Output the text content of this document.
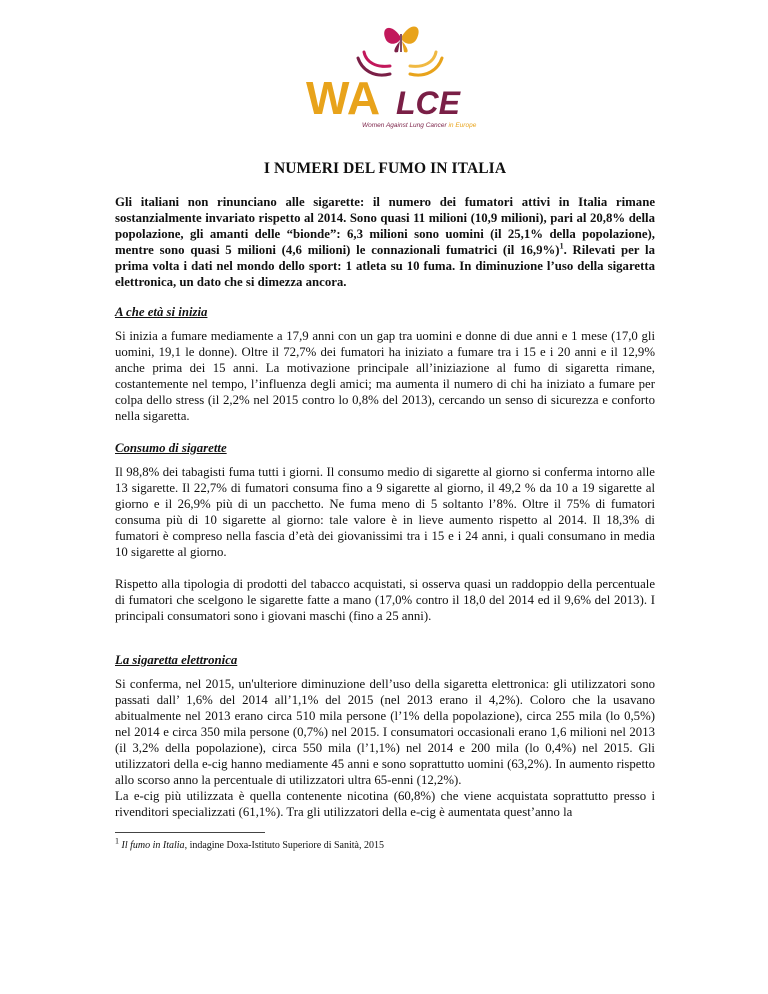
WA LCE
Women Against Lung Cancer in Europe
I NUMERI DEL FUMO IN ITALIA

Gli italiani non rinunciano alle sigarette: il numero dei fumatori attivi in Italia rimane sostanzialmente invariato rispetto al 2014. Sono quasi 11 milioni (10,9 milioni), pari al 20,8% della popolazione, gli amanti delle “bionde”: 6,3 milioni sono uomini (il 25,1% della popolazione), mentre sono quasi 5 milioni (4,6 milioni) le connazionali fumatrici (il 16,9%)$^1$. Rilevati per la prima volta i dati nel mondo dello sport: 1 atleta su 10 fuma. In diminuzione l’uso della sigaretta elettronica, un dato che si dimezza ancora.

A che età si inizia

Si inizia a fumare mediamente a 17,9 anni con un gap tra uomini e donne di due anni e 1 mese (17,0 gli uomini, 19,1 le donne). Oltre il 72,7% dei fumatori ha iniziato a fumare tra i 15 e i 20 anni e il 12,9% anche prima dei 15 anni. La motivazione principale all’iniziazione al fumo di sigaretta rimane, costantemente nel tempo, l’influenza degli amici; ma aumenta il numero di chi ha iniziato a fumare per colpa dello stress (il 2,2% nel 2015 contro lo 0,8% del 2013), cercando un senso di sicurezza e conforto nella sigaretta.

Consumo di sigarette

Il 98,8% dei tabagisti fuma tutti i giorni. Il consumo medio di sigarette al giorno si conferma intorno alle 13 sigarette. Il 22,7% di fumatori consuma fino a 9 sigarette al giorno, il 49,2 % da 10 a 19 sigarette al giorno e il 26,9% più di un pacchetto. Ne fuma meno di 5 soltanto l’8%. Oltre il 75% di fumatori consuma più di 10 sigarette al giorno: tale valore è in lieve aumento rispetto al 2014. Il 18,3% di fumatori è compreso nella fascia d’età dei giovanissimi tra i 15 e i 24 anni, i quali consumano in media 10 sigarette al giorno.

Rispetto alla tipologia di prodotti del tabacco acquistati, si osserva quasi un raddoppio della percentuale di fumatori che scelgono le sigarette fatte a mano (17,0% contro il 18,0 del 2014 ed il 9,6% del 2013). I principali consumatori sono i giovani maschi (fino a 25 anni).

La sigaretta elettronica

Si conferma, nel 2015, un'ulteriore diminuzione dell’uso della sigaretta elettronica: gli utilizzatori sono passati dall’ 1,6% del 2014 all’1,1% del 2015 (nel 2013 erano il 4,2%). Coloro che la usavano abitualmente nel 2013 erano circa 510 mila persone (l’1% della popolazione), circa 255 mila (lo 0,5%) nel 2014 e circa 350 mila persone (0,7%) nel 2015. I consumatori occasionali erano 1,6 milioni nel 2013 (il 3,2% della popolazione), circa 550 mila (l’1,1%) nel 2014 e 200 mila (lo 0,4%) nel 2015. Gli utilizzatori della e-cig hanno mediamente 45 anni e sono soprattutto uomini (63,2%). In aumento rispetto allo scorso anno la percentuale di utilizzatori ultra 65-enni (12,2%).

La e-cig più utilizzata è quella contenente nicotina (60,8%) che viene acquistata soprattutto presso i rivenditori specializzati (61,1%). Tra gli utilizzatori della e-cig è aumentata quest’anno la

$^1$ Il fumo in Italia, indagine Doxa-Istituto Superiore di Sanità, 2015
